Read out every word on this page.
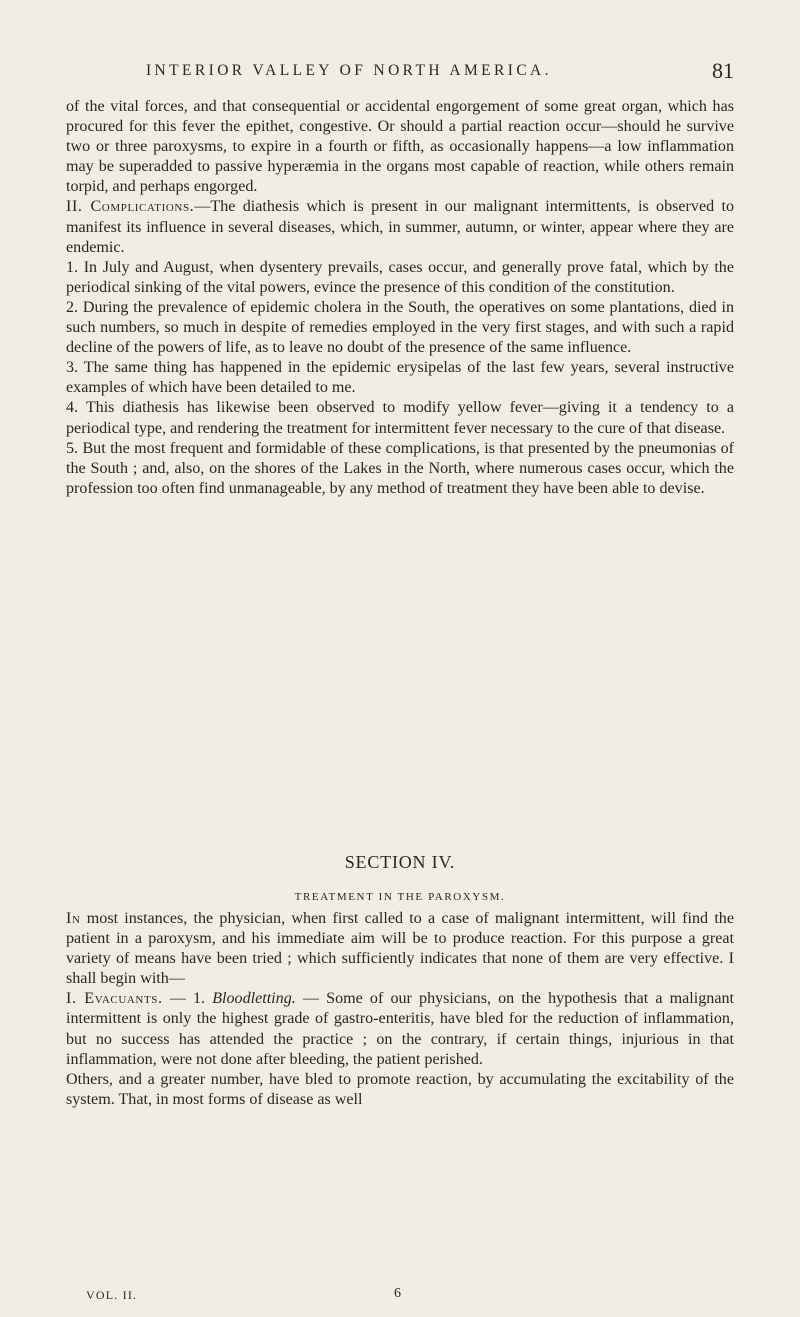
INTERIOR VALLEY OF NORTH AMERICA.	81

of the vital forces, and that consequential or accidental engorgement of some great organ, which has procured for this fever the epithet, congestive. Or should a partial reaction occur—should he survive two or three paroxysms, to expire in a fourth or fifth, as occasionally happens—a low inflammation may be superadded to passive hyperæmia in the organs most capable of reaction, while others remain torpid, and perhaps engorged.

II. Complications.—The diathesis which is present in our malignant intermittents, is observed to manifest its influence in several diseases, which, in summer, autumn, or winter, appear where they are endemic.

1. In July and August, when dysentery prevails, cases occur, and generally prove fatal, which by the periodical sinking of the vital powers, evince the presence of this condition of the constitution.

2. During the prevalence of epidemic cholera in the South, the operatives on some plantations, died in such numbers, so much in despite of remedies employed in the very first stages, and with such a rapid decline of the powers of life, as to leave no doubt of the presence of the same influence.

3. The same thing has happened in the epidemic erysipelas of the last few years, several instructive examples of which have been detailed to me.

4. This diathesis has likewise been observed to modify yellow fever—giving it a tendency to a periodical type, and rendering the treatment for intermittent fever necessary to the cure of that disease.

5. But the most frequent and formidable of these complications, is that presented by the pneumonias of the South ; and, also, on the shores of the Lakes in the North, where numerous cases occur, which the profession too often find unmanageable, by any method of treatment they have been able to devise.

SECTION IV.
TREATMENT IN THE PAROXYSM.

In most instances, the physician, when first called to a case of malignant intermittent, will find the patient in a paroxysm, and his immediate aim will be to produce reaction. For this purpose a great variety of means have been tried ; which sufficiently indicates that none of them are very effective. I shall begin with—

I. Evacuants. — 1. Bloodletting. — Some of our physicians, on the hypothesis that a malignant intermittent is only the highest grade of gastro-enteritis, have bled for the reduction of inflammation, but no success has attended the practice ; on the contrary, if certain things, injurious in that inflammation, were not done after bleeding, the patient perished.

Others, and a greater number, have bled to promote reaction, by accumulating the excitability of the system. That, in most forms of disease as well

VOL. II.	6
